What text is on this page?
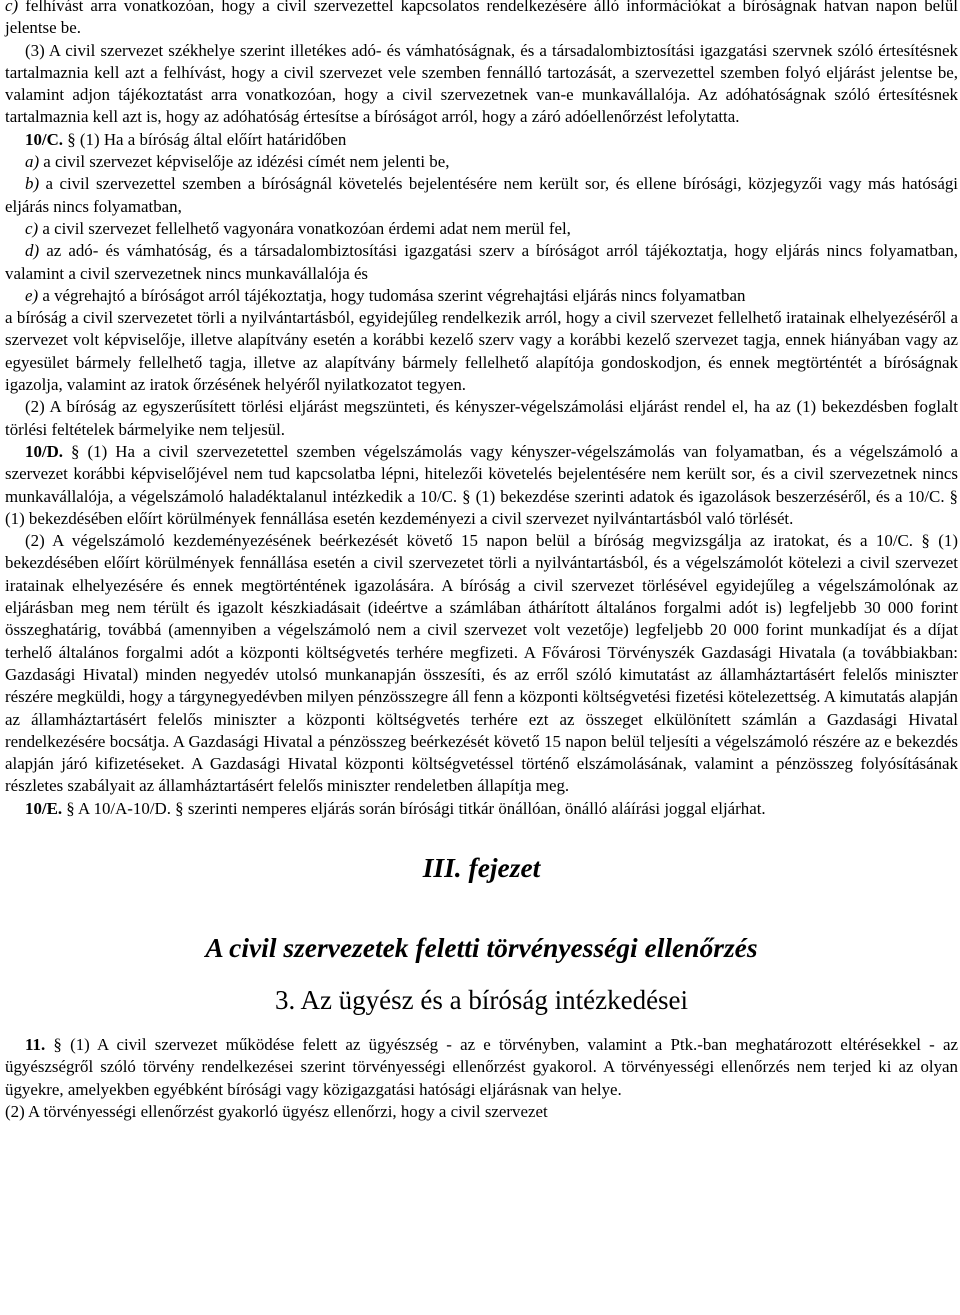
c) felhívást arra vonatkozóan, hogy a civil szervezettel kapcsolatos rendelkezésére álló információkat a bíróságnak hatvan napon belül jelentse be.

(3) A civil szervezet székhelye szerint illetékes adó- és vámhatóságnak, és a társadalombiztosítási igazgatási szervnek szóló értesítésnek tartalmaznia kell azt a felhívást, hogy a civil szervezet vele szemben fennálló tartozását, a szervezettel szemben folyó eljárást jelentse be, valamint adjon tájékoztatást arra vonatkozóan, hogy a civil szervezetnek van-e munkavállalója. Az adóhatóságnak szóló értesítésnek tartalmaznia kell azt is, hogy az adóhatóság értesítse a bíróságot arról, hogy a záró adóellenőrzést lefolytatta.

10/C. § (1) Ha a bíróság által előírt határidőben

a) a civil szervezet képviselője az idézési címét nem jelenti be,

b) a civil szervezettel szemben a bíróságnál követelés bejelentésére nem került sor, és ellene bírósági, közjegyzői vagy más hatósági eljárás nincs folyamatban,

c) a civil szervezet fellelhető vagyonára vonatkozóan érdemi adat nem merül fel,

d) az adó- és vámhatóság, és a társadalombiztosítási igazgatási szerv a bíróságot arról tájékoztatja, hogy eljárás nincs folyamatban, valamint a civil szervezetnek nincs munkavállalója és

e) a végrehajtó a bíróságot arról tájékoztatja, hogy tudomása szerint végrehajtási eljárás nincs folyamatban

a bíróság a civil szervezetet törli a nyilvántartásból, egyidejűleg rendelkezik arról, hogy a civil szervezet fellelhető iratainak elhelyezéséről a szervezet volt képviselője, illetve alapítvány esetén a korábbi kezelő szerv vagy a korábbi kezelő szervezet tagja, ennek hiányában vagy az egyesület bármely fellelhető tagja, illetve az alapítvány bármely fellelhető alapítója gondoskodjon, és ennek megtörténtét a bíróságnak igazolja, valamint az iratok őrzésének helyéről nyilatkozatot tegyen.

(2) A bíróság az egyszerűsített törlési eljárást megszünteti, és kényszer-végelszámolási eljárást rendel el, ha az (1) bekezdésben foglalt törlési feltételek bármelyike nem teljesül.

10/D. § (1) Ha a civil szervezetettel szemben végelszámolás vagy kényszer-végelszámolás van folyamatban, és a végelszámoló a szervezet korábbi képviselőjével nem tud kapcsolatba lépni, hitelezői követelés bejelentésére nem került sor, és a civil szervezetnek nincs munkavállalója, a végelszámoló haladéktalanul intézkedik a 10/C. § (1) bekezdése szerinti adatok és igazolások beszerzéséről, és a 10/C. § (1) bekezdésében előírt körülmények fennállása esetén kezdeményezi a civil szervezet nyilvántartásból való törlését.

(2) A végelszámoló kezdeményezésének beérkezését követő 15 napon belül a bíróság megvizsgálja az iratokat, és a 10/C. § (1) bekezdésében előírt körülmények fennállása esetén a civil szervezetet törli a nyilvántartásból, és a végelszámolót kötelezi a civil szervezet iratainak elhelyezésére és ennek megtörténtének igazolására. A bíróság a civil szervezet törlésével egyidejűleg a végelszámolónak az eljárásban meg nem térült és igazolt készkiadásait (ideértve a számlában áthárított általános forgalmi adót is) legfeljebb 30 000 forint összeghatárig, továbbá (amennyiben a végelszámoló nem a civil szervezet volt vezetője) legfeljebb 20 000 forint munkadíjat és a díjat terhelő általános forgalmi adót a központi költségvetés terhére megfizeti. A Fővárosi Törvényszék Gazdasági Hivatala (a továbbiakban: Gazdasági Hivatal) minden negyedév utolsó munkanapján összesíti, és az erről szóló kimutatást az államháztartásért felelős miniszter részére megküldi, hogy a tárgynegyedévben milyen pénzösszegre áll fenn a központi költségvetési fizetési kötelezettség. A kimutatás alapján az államháztartásért felelős miniszter a központi költségvetés terhére ezt az összeget elkülönített számlán a Gazdasági Hivatal rendelkezésére bocsátja. A Gazdasági Hivatal a pénzösszeg beérkezését követő 15 napon belül teljesíti a végelszámoló részére az e bekezdés alapján járó kifizetéseket. A Gazdasági Hivatal központi költségvetéssel történő elszámolásának, valamint a pénzösszeg folyósításának részletes szabályait az államháztartásért felelős miniszter rendeletben állapítja meg.

10/E. § A 10/A-10/D. § szerinti nemperes eljárás során bírósági titkár önállóan, önálló aláírási joggal eljárhat.

III. fejezet
A civil szervezetek feletti törvényességi ellenőrzés
3. Az ügyész és a bíróság intézkedései

11. § (1) A civil szervezet működése felett az ügyészség - az e törvényben, valamint a Ptk.-ban meghatározott eltérésekkel - az ügyészségről szóló törvény rendelkezései szerint törvényességi ellenőrzést gyakorol. A törvényességi ellenőrzés nem terjed ki az olyan ügyekre, amelyekben egyébként bírósági vagy közigazgatási hatósági eljárásnak van helye.

(2) A törvényességi ellenőrzést gyakorló ügyész ellenőrzi, hogy a civil szervezet
